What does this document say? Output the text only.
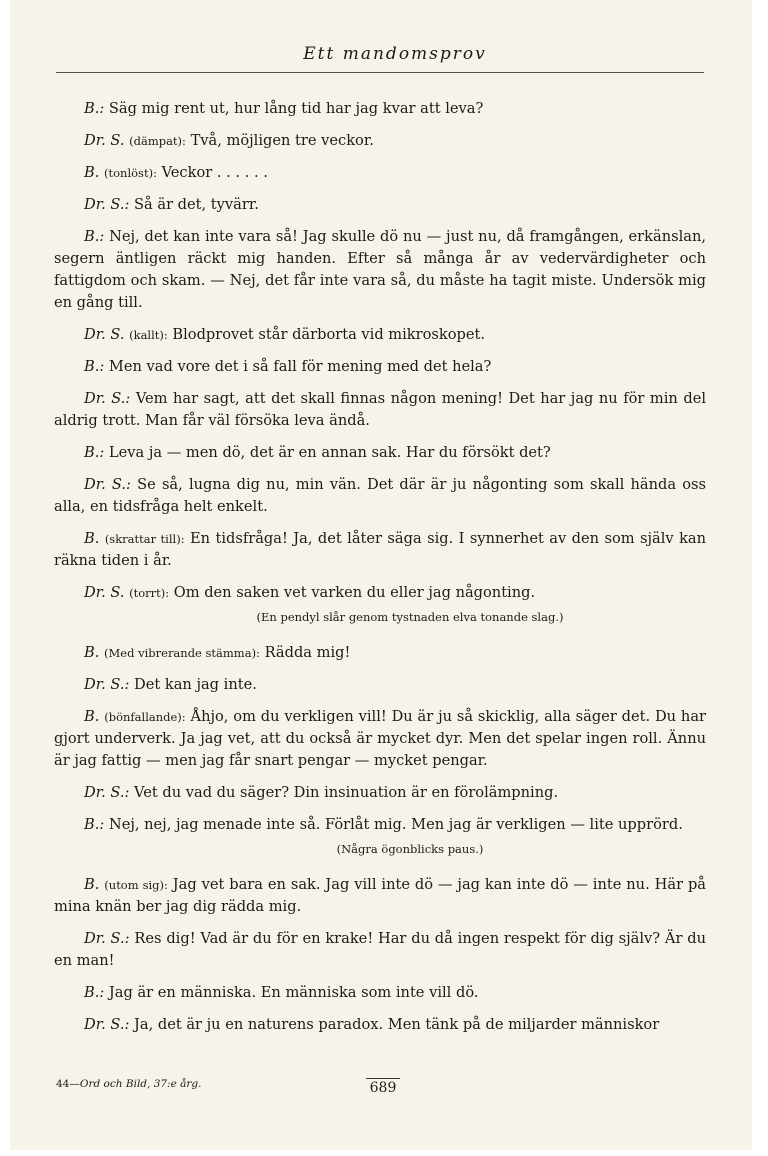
Ett mandomsprov

B.: Säg mig rent ut, hur lång tid har jag kvar att leva?

Dr. S. (dämpat): Två, möjligen tre veckor.

B. (tonlöst): Veckor . . . . . .

Dr. S.: Så är det, tyvärr.

B.: Nej, det kan inte vara så! Jag skulle dö nu — just nu, då framgången, erkänslan, segern äntligen räckt mig handen. Efter så många år av vedervärdigheter och fattigdom och skam. — Nej, det får inte vara så, du måste ha tagit miste. Undersök mig en gång till.

Dr. S. (kallt): Blodprovet står därborta vid mikroskopet.

B.: Men vad vore det i så fall för mening med det hela?

Dr. S.: Vem har sagt, att det skall finnas någon mening! Det har jag nu för min del aldrig trott. Man får väl försöka leva ändå.

B.: Leva ja — men dö, det är en annan sak. Har du försökt det?

Dr. S.: Se så, lugna dig nu, min vän. Det där är ju någonting som skall hända oss alla, en tidsfråga helt enkelt.

B. (skrattar till): En tidsfråga! Ja, det låter säga sig. I synnerhet av den som själv kan räkna tiden i år.

Dr. S. (torrt): Om den saken vet varken du eller jag någonting.

(En pendyl slår genom tystnaden elva tonande slag.)

B. (Med vibrerande stämma): Rädda mig!

Dr. S.: Det kan jag inte.

B. (bönfallande): Åhjo, om du verkligen vill! Du är ju så skicklig, alla säger det. Du har gjort underverk. Ja jag vet, att du också är mycket dyr. Men det spelar ingen roll. Ännu är jag fattig — men jag får snart pengar — mycket pengar.

Dr. S.: Vet du vad du säger? Din insinuation är en förolämpning.

B.: Nej, nej, jag menade inte så. Förlåt mig. Men jag är verkligen — lite upprörd.

(Några ögonblicks paus.)

B. (utom sig): Jag vet bara en sak. Jag vill inte dö — jag kan inte dö — inte nu. Här på mina knän ber jag dig rädda mig.

Dr. S.: Res dig! Vad är du för en krake! Har du då ingen respekt för dig själv? Är du en man!

B.: Jag är en människa. En människa som inte vill dö.

Dr. S.: Ja, det är ju en naturens paradox. Men tänk på de miljarder människor

44—Ord och Bild, 37:e årg.	689
